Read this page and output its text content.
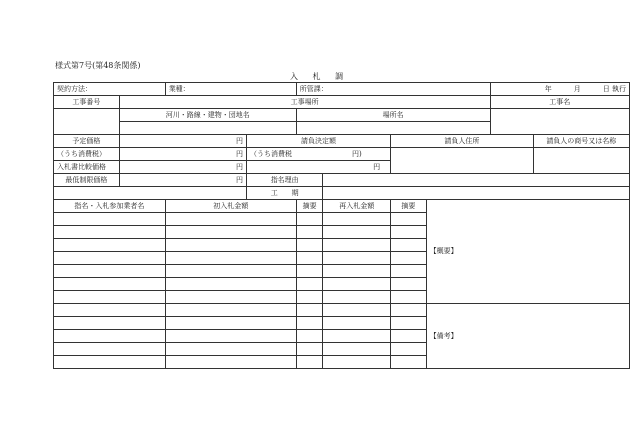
様式第7号(第48条関係)
入 札 調
契約方法：		業種：		所管課：				年 月 日 執行	
工事番号	工事場所							工事名	
	河川・路線・建物・団地名			場所名					

予定価格	円		請負決定額			請負人住所			請負人の商号又は名称
（うち消費税）	円		（うち消費税 円)						
入札書比較価格	円		円						
最低制限価格	円		指名理由						
			工　　期						
指名・入札参加業者名		初入札金額		摘要	再入札金額	摘要	【概要】		

							【備考】		
